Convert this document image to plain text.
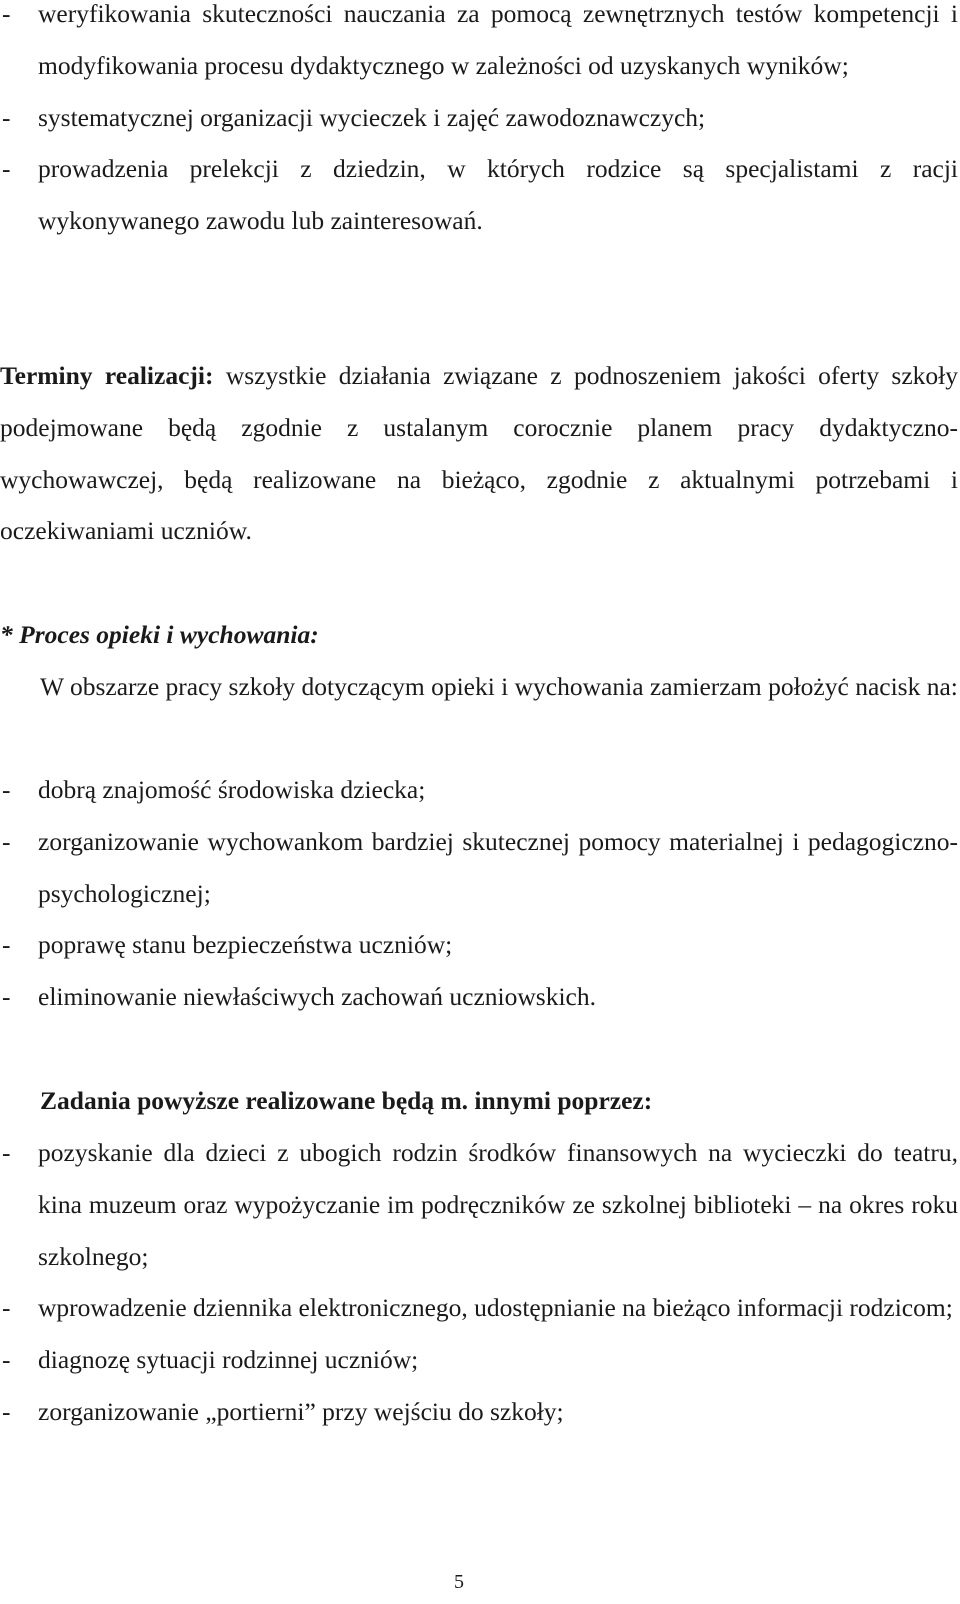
-	weryfikowania skuteczności nauczania za pomocą zewnętrznych testów kompetencji i modyfikowania procesu dydaktycznego w zależności od uzyskanych wyników;
-	systematycznej organizacji wycieczek i zajęć zawodoznawczych;
-	prowadzenia prelekcji z dziedzin, w których rodzice są specjalistami z racji wykonywanego zawodu lub zainteresowań.
Terminy realizacji: wszystkie działania związane z podnoszeniem jakości oferty szkoły podejmowane będą zgodnie z ustalanym corocznie planem pracy dydaktyczno- wychowawczej, będą realizowane na bieżąco, zgodnie z aktualnymi potrzebami i oczekiwaniami uczniów.
* Proces opieki i wychowania:
W obszarze pracy szkoły dotyczącym opieki i wychowania zamierzam położyć nacisk na:
-	dobrą znajomość środowiska dziecka;
-	zorganizowanie wychowankom bardziej skutecznej pomocy materialnej i pedagogiczno- psychologicznej;
-	poprawę stanu bezpieczeństwa uczniów;
-	eliminowanie niewłaściwych zachowań uczniowskich.
Zadania powyższe realizowane będą m. innymi poprzez:
-	pozyskanie dla dzieci z ubogich rodzin środków finansowych na wycieczki do teatru, kina muzeum oraz wypożyczanie im podręczników ze szkolnej biblioteki – na okres roku szkolnego;
-	wprowadzenie dziennika elektronicznego, udostępnianie na bieżąco informacji rodzicom;
-	diagnozę sytuacji rodzinnej uczniów;
-	zorganizowanie „portierni” przy wejściu do szkoły;
5
